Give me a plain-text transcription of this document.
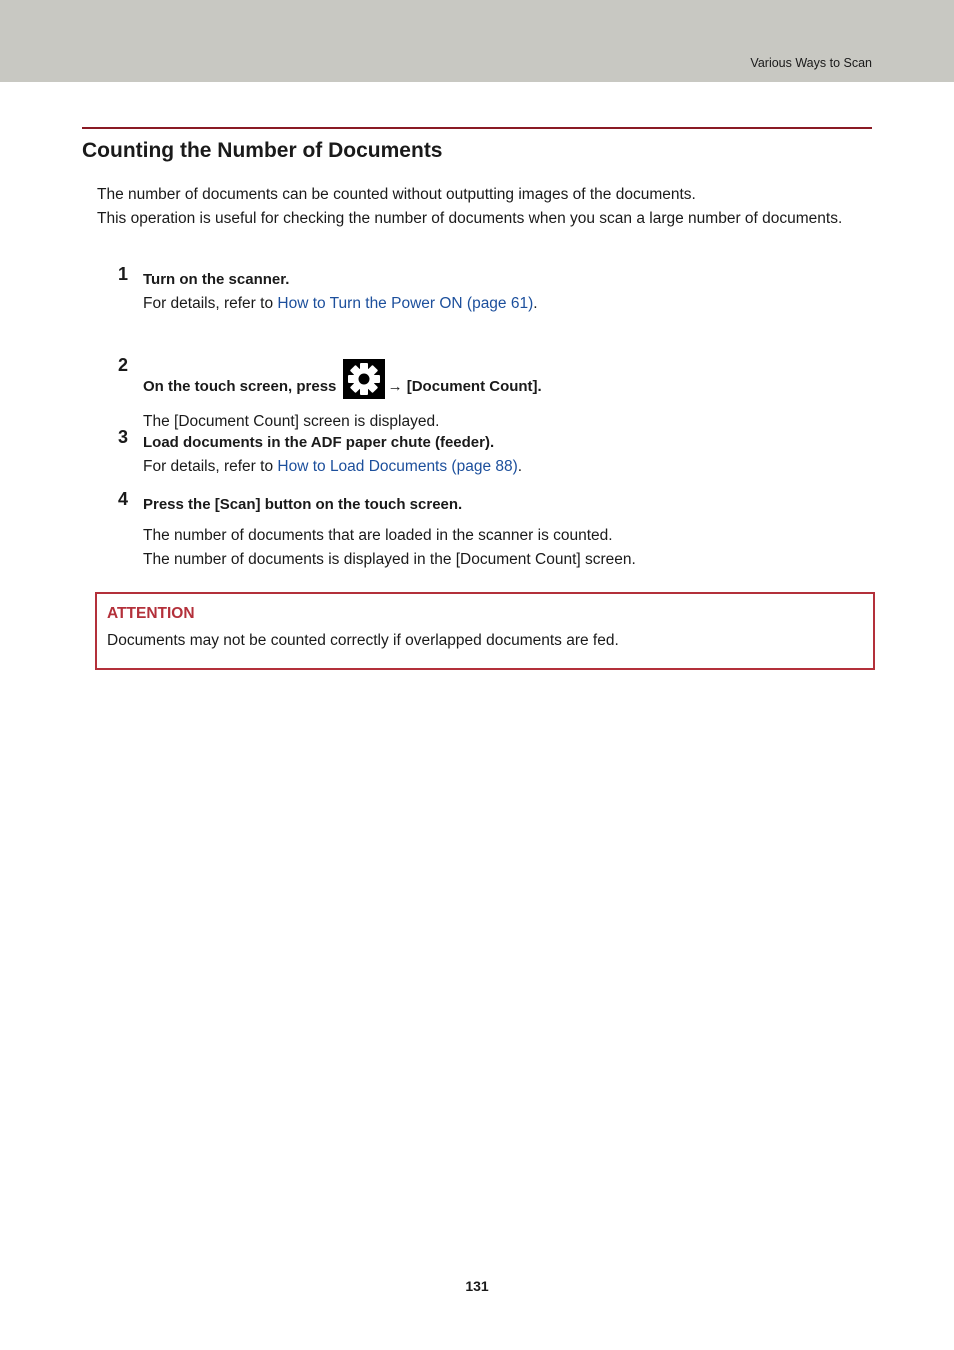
Various Ways to Scan
Counting the Number of Documents

The number of documents can be counted without outputting images of the documents.

This operation is useful for checking the number of documents when you scan a large number of documents.

1 Turn on the scanner.
For details, refer to How to Turn the Power ON (page 61).
2
On the touch screen, press	→ [Document Count].
The [Document Count] screen is displayed.
3 Load documents in the ADF paper chute (feeder).
For details, refer to How to Load Documents (page 88).
4 Press the [Scan] button on the touch screen.
The number of documents that are loaded in the scanner is counted.
The number of documents is displayed in the [Document Count] screen.
ATTENTION
Documents may not be counted correctly if overlapped documents are fed.
131
